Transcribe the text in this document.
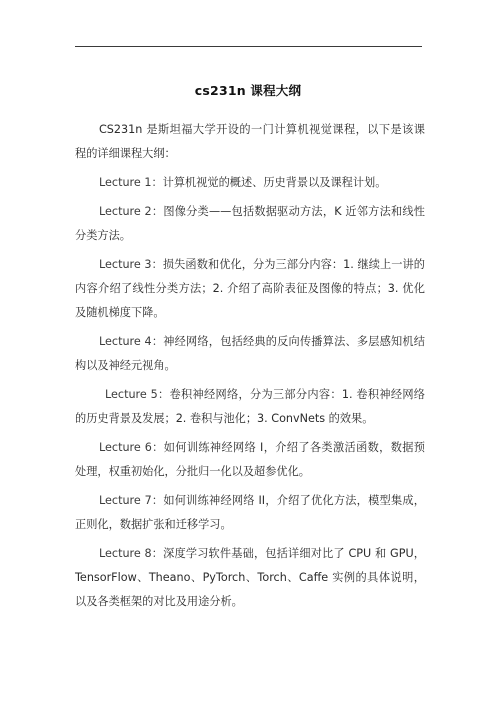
cs231n 课程大纲

CS231n 是斯坦福大学开设的一门计算机视觉课程，以下是该课程的详细课程大纲：

Lecture 1：计算机视觉的概述、历史背景以及课程计划。

Lecture 2：图像分类——包括数据驱动方法，K 近邻方法和线性分类方法。

Lecture 3：损失函数和优化，分为三部分内容：1. 继续上一讲的内容介绍了线性分类方法；2. 介绍了高阶表征及图像的特点；3. 优化及随机梯度下降。

Lecture 4：神经网络，包括经典的反向传播算法、多层感知机结构以及神经元视角。

Lecture 5：卷积神经网络，分为三部分内容：1. 卷积神经网络的历史背景及发展；2. 卷积与池化；3. ConvNets 的效果。

Lecture 6：如何训练神经网络 I，介绍了各类激活函数，数据预处理，权重初始化，分批归一化以及超参优化。

Lecture 7：如何训练神经网络 II，介绍了优化方法，模型集成，正则化，数据扩张和迁移学习。

Lecture 8：深度学习软件基础，包括详细对比了 CPU 和 GPU，TensorFlow、Theano、PyTorch、Torch、Caffe 实例的具体说明，以及各类框架的对比及用途分析。
